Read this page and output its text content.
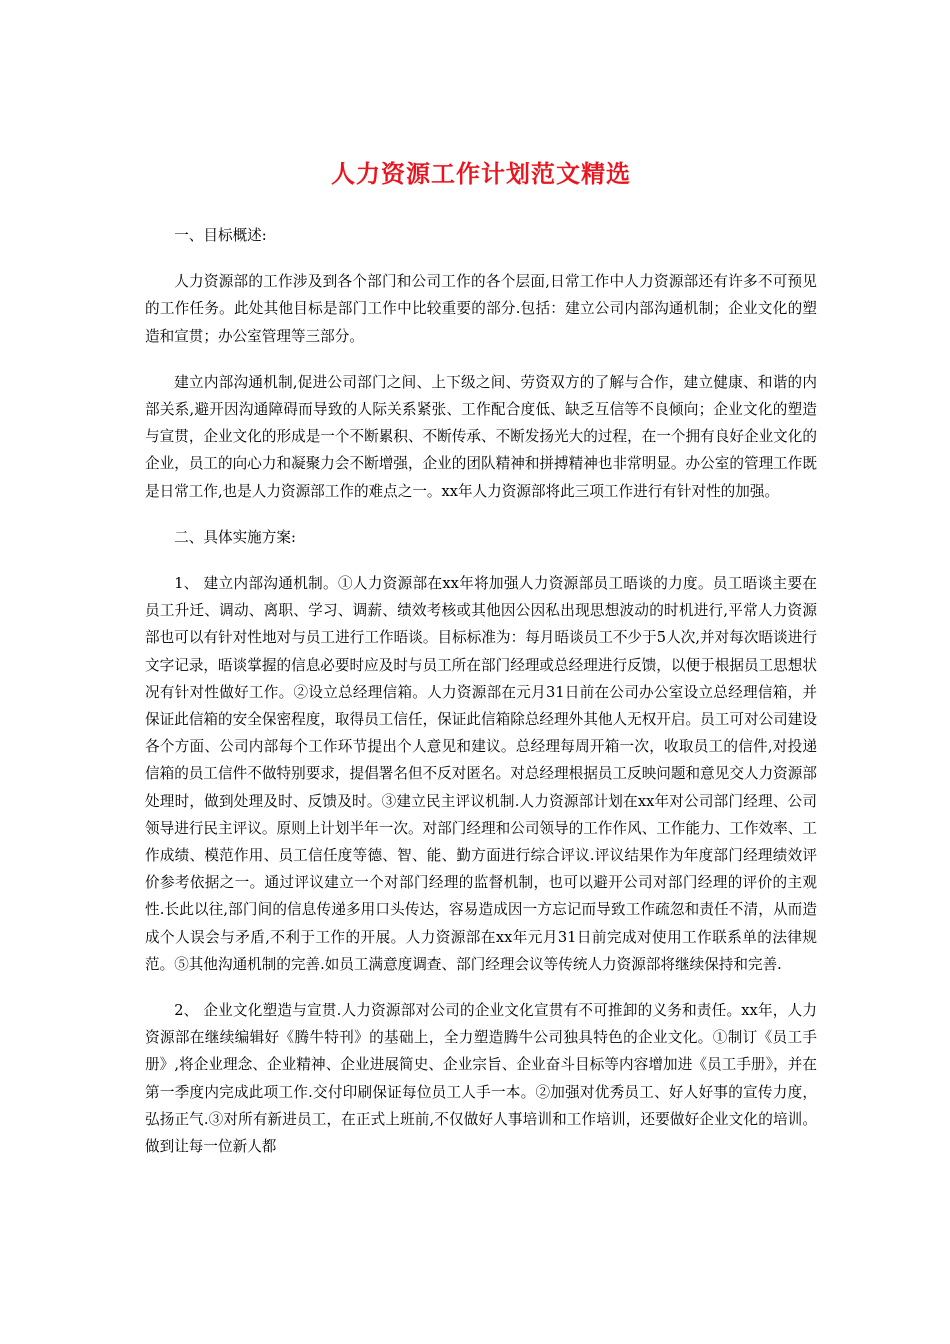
人力资源工作计划范文精选

一、目标概述:

人力资源部的工作涉及到各个部门和公司工作的各个层面,日常工作中人力资源部还有许多不可预见的工作任务。此处其他目标是部门工作中比较重要的部分.包括：建立公司内部沟通机制；企业文化的塑造和宣贯；办公室管理等三部分。

建立内部沟通机制,促进公司部门之间、上下级之间、劳资双方的了解与合作，建立健康、和谐的内部关系,避开因沟通障碍而导致的人际关系紧张、工作配合度低、缺乏互信等不良倾向；企业文化的塑造与宣贯，企业文化的形成是一个不断累积、不断传承、不断发扬光大的过程，在一个拥有良好企业文化的企业，员工的向心力和凝聚力会不断增强，企业的团队精神和拼搏精神也非常明显。办公室的管理工作既是日常工作,也是人力资源部工作的难点之一。xx年人力资源部将此三项工作进行有针对性的加强。

二、具体实施方案:

1、 建立内部沟通机制。①人力资源部在xx年将加强人力资源部员工晤谈的力度。员工晤谈主要在员工升迁、调动、离职、学习、调薪、绩效考核或其他因公因私出现思想波动的时机进行,平常人力资源部也可以有针对性地对与员工进行工作晤谈。目标标准为：每月晤谈员工不少于5人次,并对每次晤谈进行文字记录，晤谈掌握的信息必要时应及时与员工所在部门经理或总经理进行反馈，以便于根据员工思想状况有针对性做好工作。②设立总经理信箱。人力资源部在元月31日前在公司办公室设立总经理信箱，并保证此信箱的安全保密程度，取得员工信任，保证此信箱除总经理外其他人无权开启。员工可对公司建设各个方面、公司内部每个工作环节提出个人意见和建议。总经理每周开箱一次，收取员工的信件,对投递信箱的员工信件不做特别要求，提倡署名但不反对匿名。对总经理根据员工反映问题和意见交人力资源部处理时，做到处理及时、反馈及时。③建立民主评议机制.人力资源部计划在xx年对公司部门经理、公司领导进行民主评议。原则上计划半年一次。对部门经理和公司领导的工作作风、工作能力、工作效率、工作成绩、模范作用、员工信任度等德、智、能、勤方面进行综合评议.评议结果作为年度部门经理绩效评价参考依据之一。通过评议建立一个对部门经理的监督机制，也可以避开公司对部门经理的评价的主观性.长此以往,部门间的信息传递多用口头传达，容易造成因一方忘记而导致工作疏忽和责任不清，从而造成个人误会与矛盾,不利于工作的开展。人力资源部在xx年元月31日前完成对使用工作联系单的法律规范。⑤其他沟通机制的完善.如员工满意度调查、部门经理会议等传统人力资源部将继续保持和完善.

2、 企业文化塑造与宣贯.人力资源部对公司的企业文化宣贯有不可推卸的义务和责任。xx年，人力资源部在继续编辑好《腾牛特刊》的基础上，全力塑造腾牛公司独具特色的企业文化。①制订《员工手册》,将企业理念、企业精神、企业进展简史、企业宗旨、企业奋斗目标等内容增加进《员工手册》，并在第一季度内完成此项工作.交付印刷保证每位员工人手一本。②加强对优秀员工、好人好事的宣传力度，弘扬正气.③对所有新进员工，在正式上班前,不仅做好人事培训和工作培训，还要做好企业文化的培训。做到让每一位新人都
